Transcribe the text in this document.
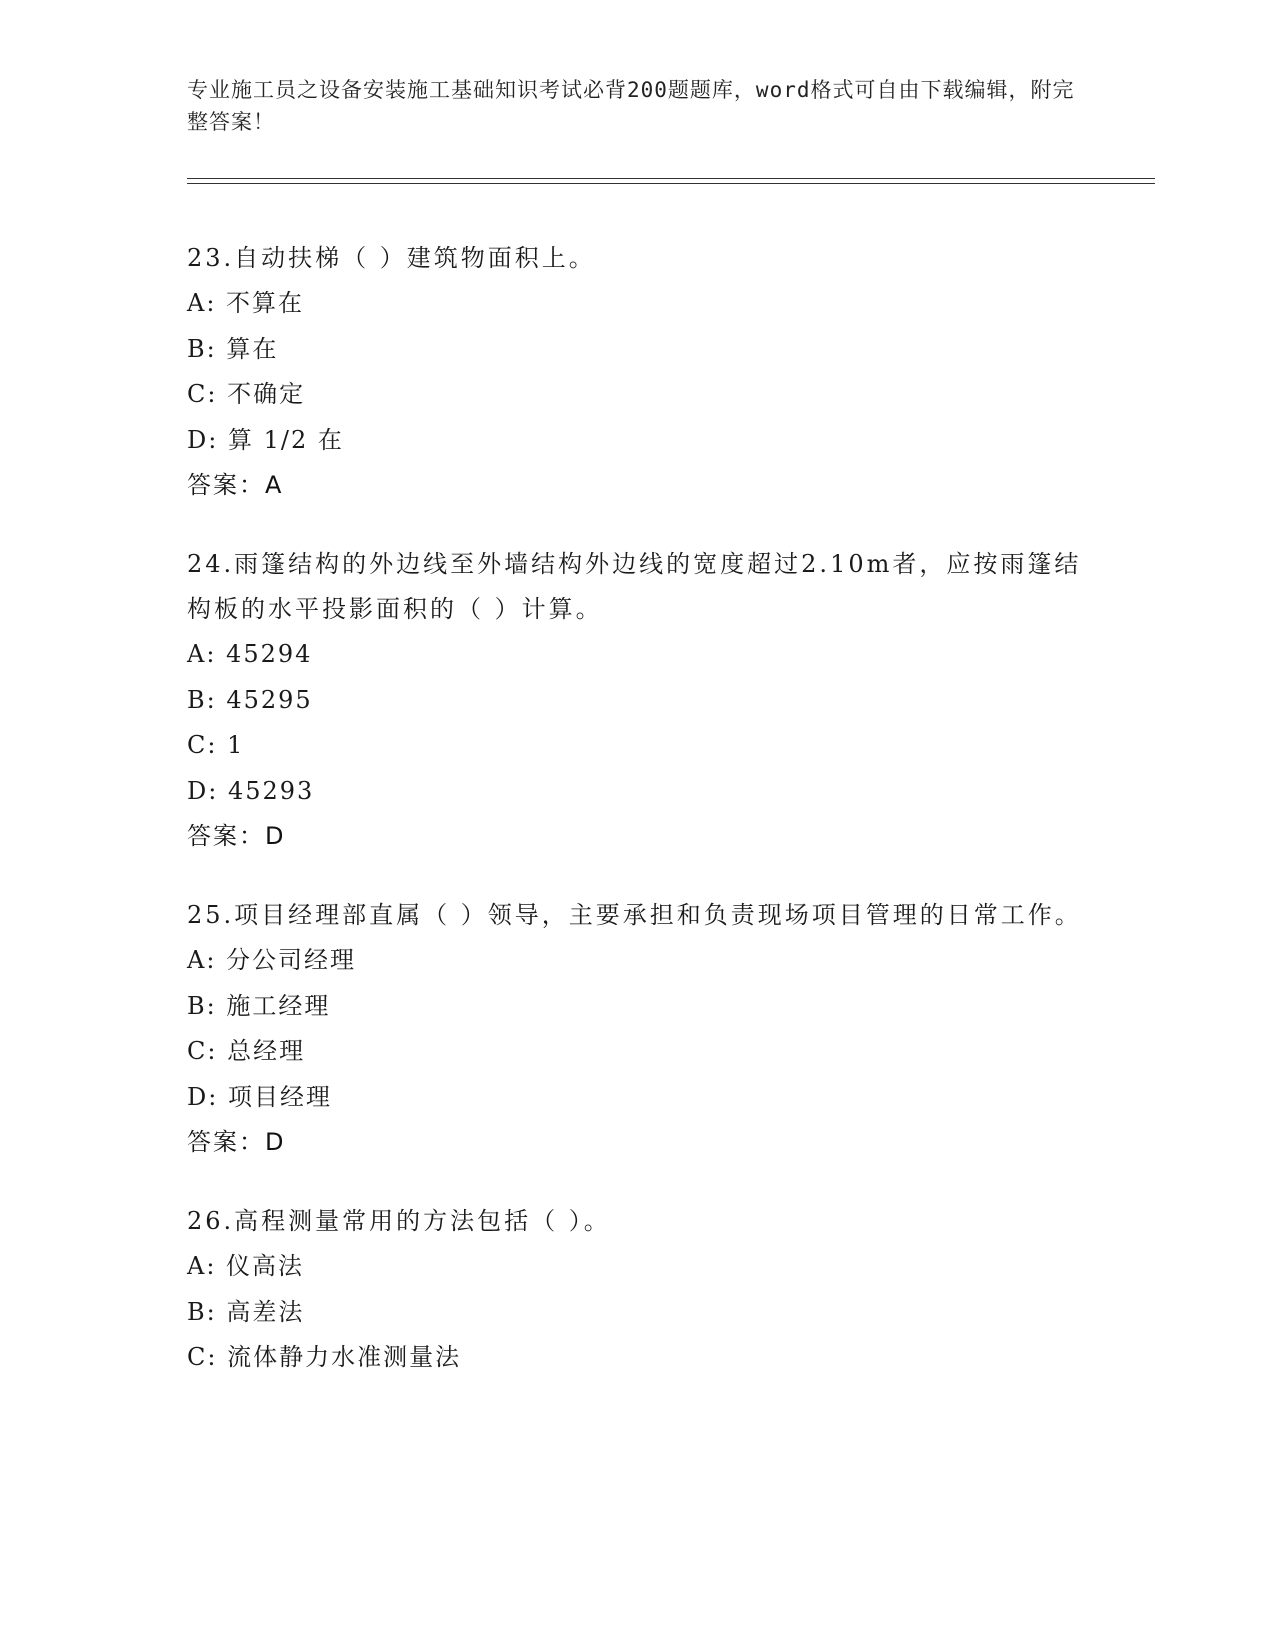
专业施工员之设备安装施工基础知识考试必背200题题库，word格式可自由下载编辑，附完整答案！
23.自动扶梯（ ）建筑物面积上。
A: 不算在
B: 算在
C: 不确定
D: 算 1/2 在
答案：A
24.雨篷结构的外边线至外墙结构外边线的宽度超过2.10m者，应按雨篷结构板的水平投影面积的（ ）计算。
A: 45294
B: 45295
C: 1
D: 45293
答案：D
25.项目经理部直属（ ）领导，主要承担和负责现场项目管理的日常工作。
A: 分公司经理
B: 施工经理
C: 总经理
D: 项目经理
答案：D
26.高程测量常用的方法包括（ ）。
A: 仪高法
B: 高差法
C: 流体静力水准测量法
